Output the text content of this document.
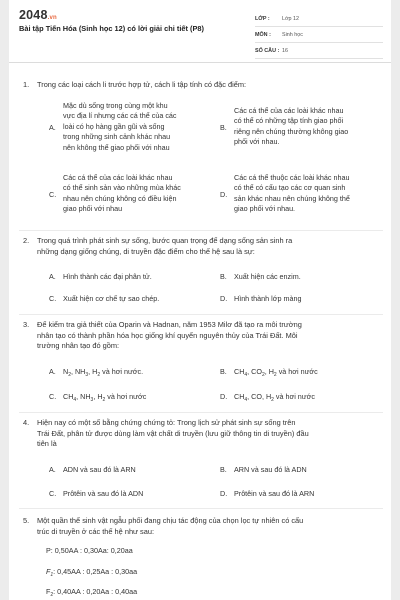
2048.vn
Bài tập Tiến Hóa (Sinh học 12) có lời giải chi tiết (P8)
LỚP :	Lớp 12
MÔN :	Sinh học
SỐ CÂU : 16
1. Trong các loại cách li trước hợp tử, cách li tập tính có đặc điểm:
A.
Mặc dù sống trong cùng một khu
vực địa lí nhưng các cá thể của các
loài có họ hàng gần gũi và sống
trong những sinh cảnh khác nhau
nên không thể giao phối với nhau
B.
Các cá thể của các loài khác nhau
có thể có những tập tính giao phối
riêng nên chúng thường không giao
phối với nhau.
C.
Các cá thể của các loài khác nhau
có thể sinh sản vào những mùa khác
nhau nên chúng không có điều kiện
giao phối với nhau
D.
Các cá thể thuộc các loài khác nhau
có thể có cấu tạo các cơ quan sinh
sản khác nhau nên chúng không thể
giao phối với nhau.
2. Trong quá trình phát sinh sự sống, bước quan trọng để dạng sống sản sinh ra
những dạng giống chúng, di truyền đặc điểm cho thế hệ sau là sự:
A. Hình thành các đại phân tử.	B. Xuất hiện các enzim.
C. Xuất hiện cơ chế tự sao chép.	D. Hình thành lớp màng
3. Để kiểm tra giả thiết của Oparin và Hadnan, năm 1953 Milơ đã tạo ra môi trường
nhân tạo có thành phần hóa học giống khí quyển nguyên thủy của Trái Đất. Môi
trường nhân tạo đó gồm:
A. $N_2$, $NH_3$, $H_2$ và hơi nước.	B. $CH_4$, $CO_2$, $H_2$ và hơi nước
C. $CH_4$, $NH_3$, $H_2$ và hơi nước	D. $CH_4$, CO, $H_2$ và hơi nước
4. Hiện nay có một số bằng chứng chứng tỏ: Trong lịch sử phát sinh sự sống trên
Trái Đất, phân tử được dùng làm vật chất di truyền (lưu giữ thông tin di truyền) đầu
tiên là
A. ADN và sau đó là ARN	B. ARN và sau đó là ADN
C. Prôtêin và sau đó là ADN	D. Prôtêin và sau đó là ARN
5. Một quần thể sinh vật ngẫu phối đang chịu tác động của chọn lọc tự nhiên có cấu
trúc di truyền ở các thế hệ như sau:
P: 0,50AA : 0,30Aa: 0,20aa
$F_1$: 0,45AA : 0,25Aa : 0,30aa
$F_2$: 0,40AA : 0,20Aa : 0,40aa
